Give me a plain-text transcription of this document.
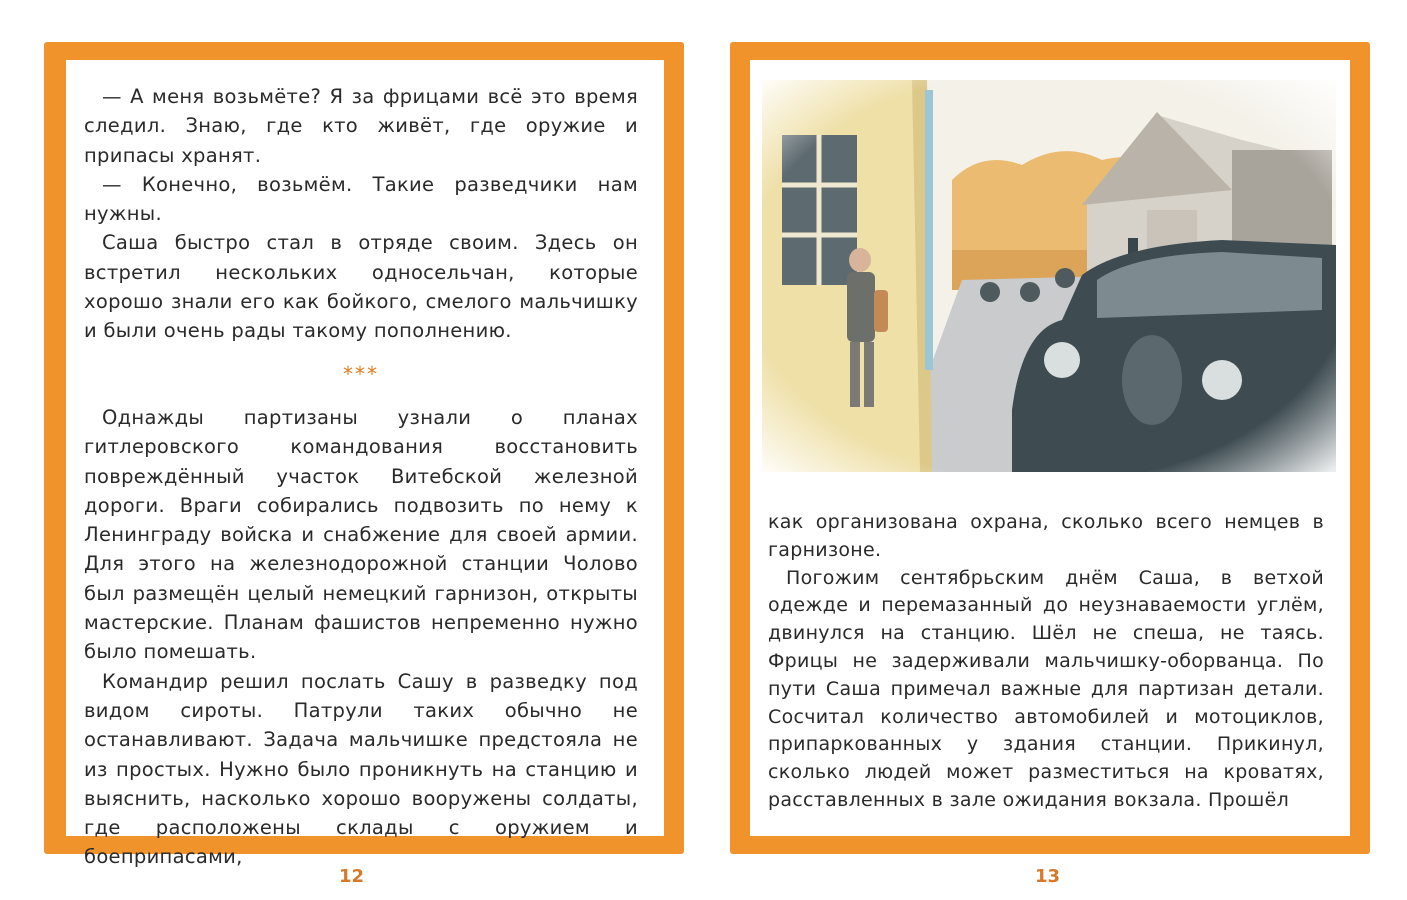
— А меня возьмёте? Я за фрицами всё это время следил. Знаю, где кто живёт, где оружие и припасы хранят.

— Конечно, возьмём. Такие разведчики нам нужны.

Саша быстро стал в отряде своим. Здесь он встретил нескольких односельчан, которые хорошо знали его как бойкого, смелого мальчишку и были очень рады такому пополнению.

***

Однажды партизаны узнали о планах гитлеровского командования восстановить повреждённый участок Витебской железной дороги. Враги собирались подвозить по нему к Ленинграду войска и снабжение для своей армии. Для этого на железнодорожной станции Чолово был размещён целый немецкий гарнизон, открыты мастерские. Планам фашистов непременно нужно было помешать.

Командир решил послать Сашу в разведку под видом сироты. Патрули таких обычно не останавливают. Задача мальчишке предстояла не из простых. Нужно было проникнуть на станцию и выяснить, насколько хорошо вооружены солдаты, где расположены склады с оружием и боеприпасами,

12

как организована охрана, сколько всего немцев в гарнизоне.

Погожим сентябрьским днём Саша, в ветхой одежде и перемазанный до неузнаваемости углём, двинулся на станцию. Шёл не спеша, не таясь. Фрицы не задерживали мальчишку-оборванца. По пути Саша примечал важные для партизан детали. Сосчитал количество автомобилей и мотоциклов, припаркованных у здания станции. Прикинул, сколько людей может разместиться на кроватях, расставленных в зале ожидания вокзала. Прошёл

13
